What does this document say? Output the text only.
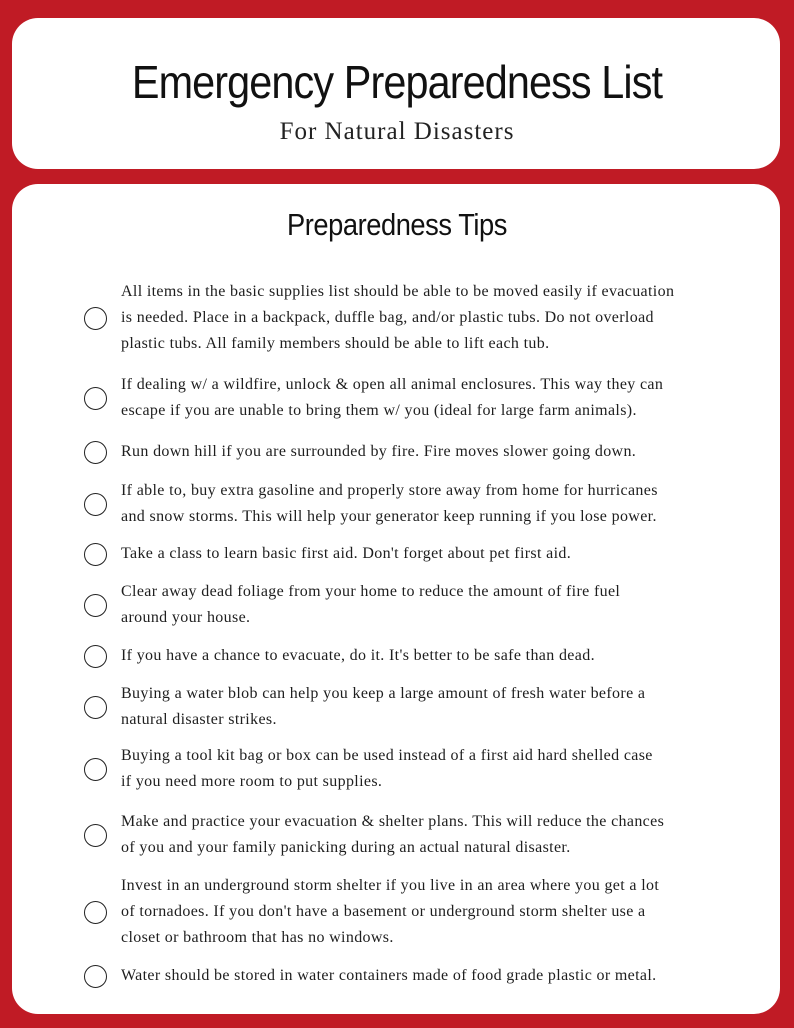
Emergency Preparedness List
For Natural Disasters
Preparedness Tips
All items in the basic supplies list should be able to be moved easily if evacuation
is needed. Place in a backpack, duffle bag, and/or plastic tubs. Do not overload
plastic tubs. All family members should be able to lift each tub.
If dealing w/ a wildfire, unlock & open all animal enclosures. This way they can
escape if you are unable to bring them w/ you (ideal for large farm animals).
Run down hill if you are surrounded by fire. Fire moves slower going down.
If able to, buy extra gasoline and properly store away from home for hurricanes
and snow storms. This will help your generator keep running if you lose power.
Take a class to learn basic first aid. Don't forget about pet first aid.
Clear away dead foliage from your home to reduce the amount of fire fuel
around your house.
If you have a chance to evacuate, do it. It's better to be safe than dead.
Buying a water blob can help you keep a large amount of fresh water before a
natural disaster strikes.
Buying a tool kit bag or box can be used instead of a first aid hard shelled case
if you need more room to put supplies.
Make and practice your evacuation & shelter plans. This will reduce the chances
of you and your family panicking during an actual natural disaster.
Invest in an underground storm shelter if you live in an area where you get a lot
of tornadoes. If you don't have a basement or underground storm shelter use a
closet or bathroom that has no windows.
Water should be stored in water containers made of food grade plastic or metal.
